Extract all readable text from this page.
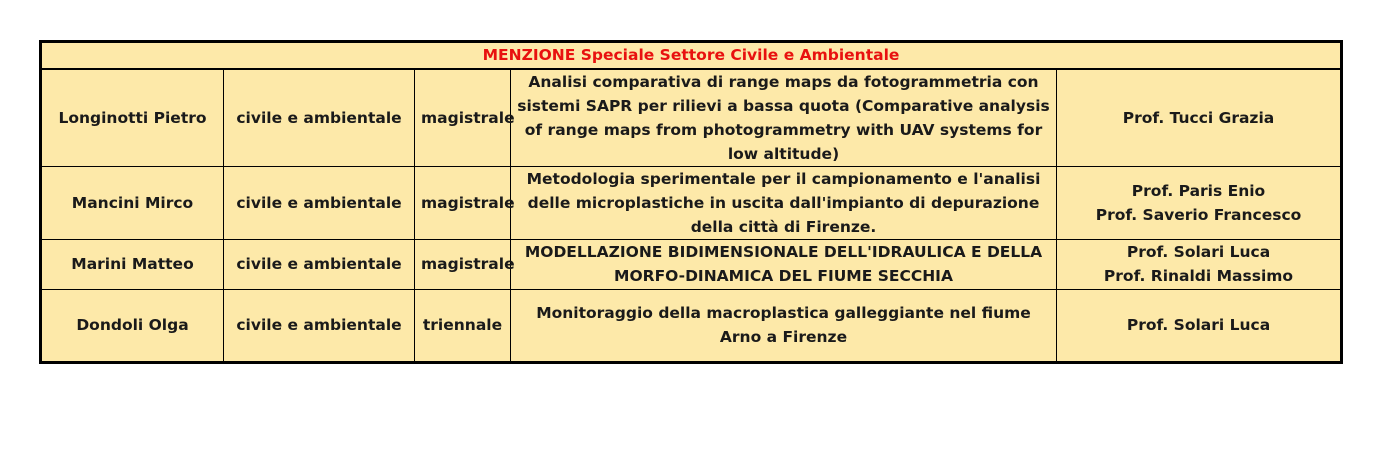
MENZIONE Speciale Settore Civile e Ambientale				
Longinotti Pietro	civile e ambientale	magistrale	Analisi comparativa di range maps da fotogrammetria con sistemi SAPR per rilievi a bassa quota (Comparative analysis of range maps from photogrammetry with UAV systems for low altitude)	Prof. Tucci Grazia

Mancini Mirco	civile e ambientale	magistrale	Metodologia sperimentale per il campionamento e l'analisi delle microplastiche in uscita dall'impianto di depurazione della città di Firenze.	Prof. Paris Enio
Prof. Saverio Francesco

Marini Matteo	civile e ambientale	magistrale	MODELLAZIONE BIDIMENSIONALE DELL'IDRAULICA E DELLA MORFO-DINAMICA DEL FIUME SECCHIA	Prof. Solari Luca
Prof. Rinaldi Massimo

Dondoli Olga	civile e ambientale	triennale	Monitoraggio della macroplastica galleggiante nel fiume Arno a Firenze	Prof. Solari Luca
